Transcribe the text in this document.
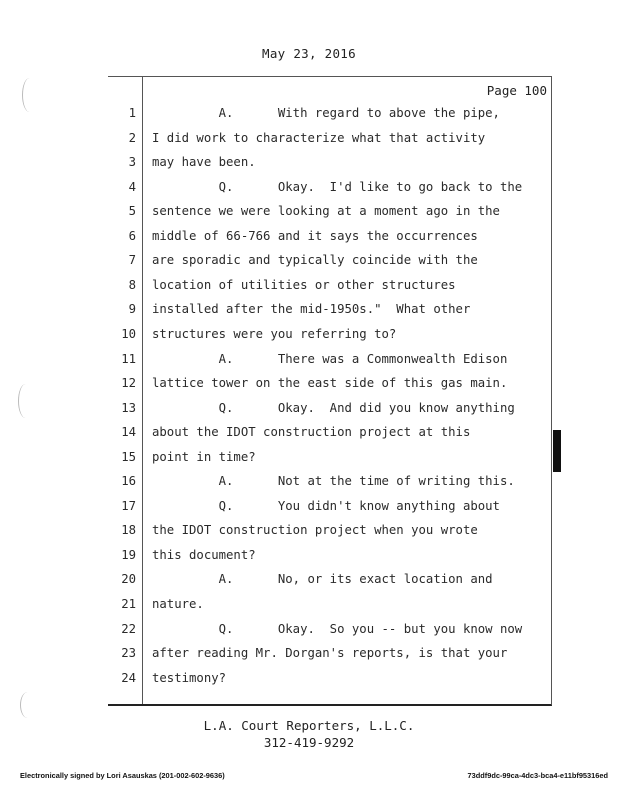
May 23, 2016
Page 100
1 A.      With regard to above the pipe,
2 I did work to characterize what that activity
3 may have been.
4 Q.      Okay.  I'd like to go back to the
5 sentence we were looking at a moment ago in the
6 middle of 66-766 and it says the occurrences
7 are sporadic and typically coincide with the
8 location of utilities or other structures
9 installed after the mid-1950s."  What other
10 structures were you referring to?
11 A.      There was a Commonwealth Edison
12 lattice tower on the east side of this gas main.
13 Q.      Okay.  And did you know anything
14 about the IDOT construction project at this
15 point in time?
16 A.      Not at the time of writing this.
17 Q.      You didn't know anything about
18 the IDOT construction project when you wrote
19 this document?
20 A.      No, or its exact location and
21 nature.
22 Q.      Okay.  So you -- but you know now
23 after reading Mr. Dorgan's reports, is that your
24 testimony?
L.A. Court Reporters, L.L.C.
312-419-9292
Electronically signed by Lori Asauskas (201-002-602-9636)	73ddf9dc-99ca-4dc3-bca4-e11bf95316ed
